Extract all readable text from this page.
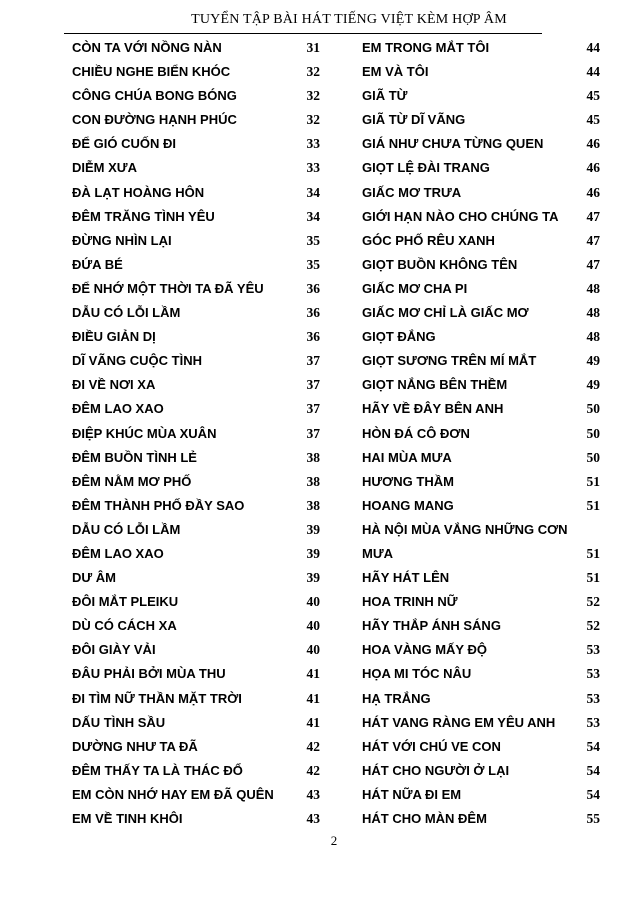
TUYỂN TẬP BÀI HÁT TIẾNG VIỆT KÈM HỢP ÂM
CÒN TA VỚI NỒNG NÀN	31
CHIỀU NGHE BIỂN KHÓC	32
CÔNG CHÚA BONG BÓNG	32
CON ĐƯỜNG HẠNH PHÚC	32
ĐỂ GIÓ CUỐN ĐI	33
DIỄM XƯA	33
ĐÀ LẠT HOÀNG HÔN	34
ĐÊM TRĂNG TÌNH YÊU	34
ĐỪNG NHÌN LẠI	35
ĐỨA BÉ	35
ĐỂ NHỚ MỘT THỜI TA ĐÃ YÊU	36
DẪU CÓ LỖI LẦM	36
ĐIỀU GIẢN DỊ	36
DĨ VÃNG CUỘC TÌNH	37
ĐI VỀ NƠI XA	37
ĐÊM LAO XAO	37
ĐIỆP KHÚC MÙA XUÂN	37
ĐÊM BUỒN TÌNH LẺ	38
ĐÊM NẰM MƠ PHỐ	38
ĐÊM THÀNH PHỐ ĐẦY SAO	38
DẪU CÓ LỖI LẦM	39
ĐÊM LAO XAO	39
DƯ ÂM	39
ĐÔI MẮT PLEIKU	40
DÙ CÓ CÁCH XA	40
ĐÔI GIÀY VẢI	40
ĐÂU PHẢI BỞI MÙA THU	41
ĐI TÌM NỮ THẦN MẶT TRỜI	41
DẤU TÌNH SẦU	41
DƯỜNG NHƯ TA ĐÃ	42
ĐÊM THẤY TA LÀ THÁC ĐỔ	42
EM CÒN NHỚ HAY EM ĐÃ QUÊN 43
EM VỀ TINH KHÔI	43
EM TRONG MẮT TÔI	44
EM VÀ TÔI	44
GIÃ TỪ	45
GIÃ TỪ DĨ VÃNG	45
GIÁ NHƯ CHƯA TỪNG QUEN	46
GIỌT LỆ ĐÀI TRANG	46
GIẤC MƠ TRƯA	46
GIỚI HẠN NÀO CHO CHÚNG TA 47
GÓC PHỐ RÊU XANH	47
GIỌT BUỒN KHÔNG TÊN	47
GIẤC MƠ CHA PI	48
GIẤC MƠ CHỈ LÀ GIẤC MƠ	48
GIỌT ĐẮNG	48
GIỌT SƯƠNG TRÊN MÍ MẮT	49
GIỌT NẮNG BÊN THỀM	49
HÃY VỀ ĐÂY BÊN ANH	50
HÒN ĐÁ CÔ ĐƠN	50
HAI MÙA MƯA	50
HƯƠNG THẦM	51
HOANG MANG	51
HÀ NỘI MÙA VẮNG NHỮNG CƠN
MƯA	51
HÃY HÁT LÊN	51
HOA TRINH NỮ	52
HÃY THẮP ÁNH SÁNG	52
HOA VÀNG MẤY ĐỘ	53
HỌA MI TÓC NÂU	53
HẠ TRẮNG	53
HÁT VANG RÀNG EM YÊU ANH 53
HÁT VỚI CHÚ VE CON	54
HÁT CHO NGƯỜI Ở LẠI	54
HÁT NỮA ĐI EM	54
HÁT CHO MÀN ĐÊM	55
2
